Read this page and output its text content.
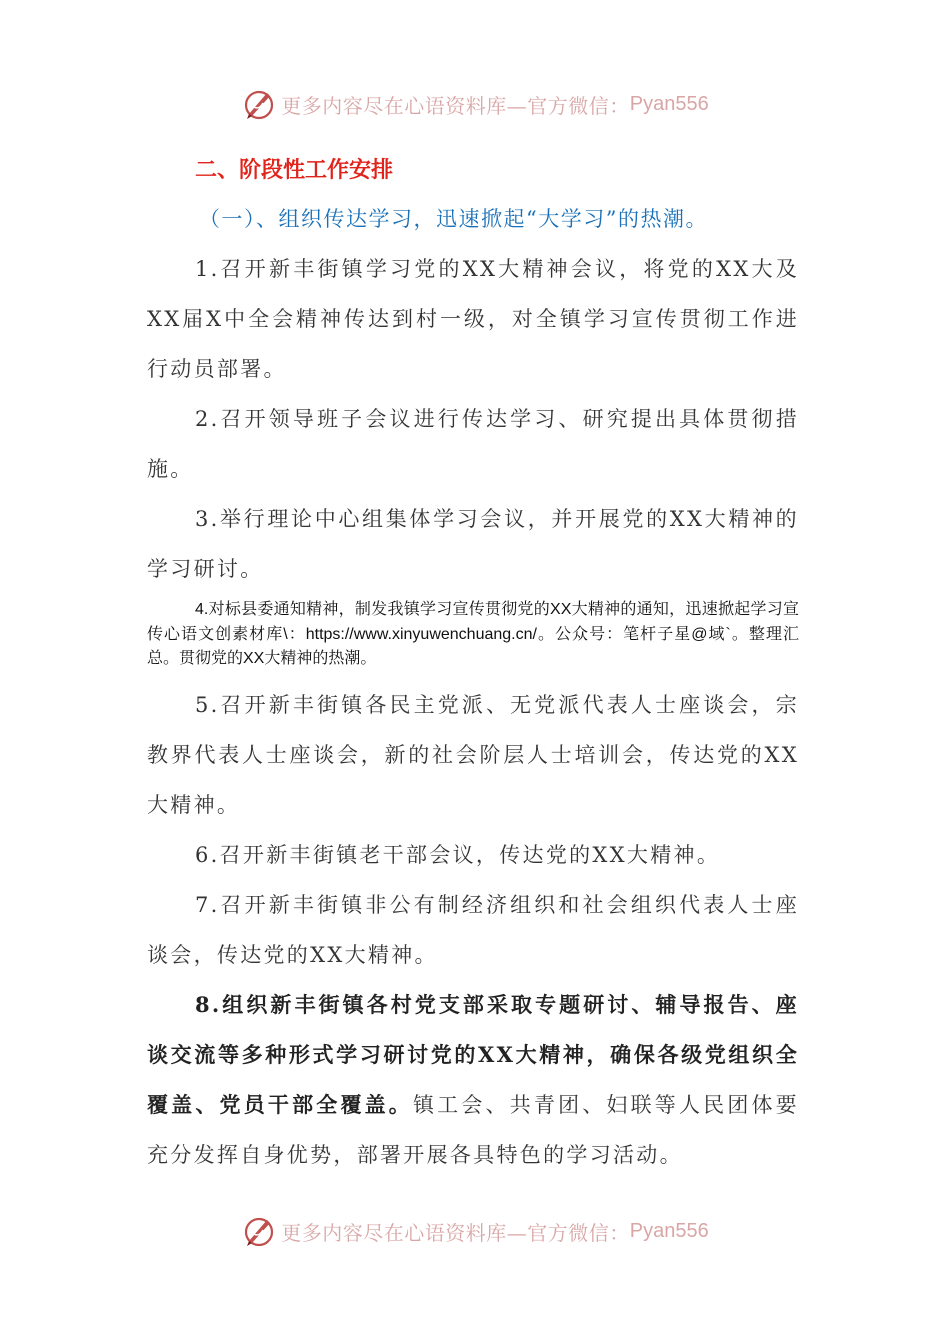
更多内容尽在心语资料库—官方微信： Pyan556
二、阶段性工作安排
（一）、组织传达学习，迅速掀起“大学习”的热潮。

1.召开新丰街镇学习党的XX大精神会议，将党的XX大及XX届X中全会精神传达到村一级，对全镇学习宣传贯彻工作进行动员部署。

2.召开领导班子会议进行传达学习、研究提出具体贯彻措施。

3.举行理论中心组集体学习会议，并开展党的XX大精神的学习研讨。

4.对标县委通知精神，制发我镇学习宣传贯彻党的XX大精神的通知，迅速掀起学习宣传心语文创素材库\：https://www.xinyuwenchuang.cn/。公众号：笔杆子星@域`。整理汇总。贯彻党的XX大精神的热潮。

5.召开新丰街镇各民主党派、无党派代表人士座谈会，宗教界代表人士座谈会，新的社会阶层人士培训会，传达党的XX大精神。

6.召开新丰街镇老干部会议，传达党的XX大精神。

7.召开新丰街镇非公有制经济组织和社会组织代表人士座谈会，传达党的XX大精神。

8.组织新丰街镇各村党支部采取专题研讨、辅导报告、座谈交流等多种形式学习研讨党的XX大精神，确保各级党组织全覆盖、党员干部全覆盖。镇工会、共青团、妇联等人民团体要充分发挥自身优势，部署开展各具特色的学习活动。

更多内容尽在心语资料库—官方微信： Pyan556
